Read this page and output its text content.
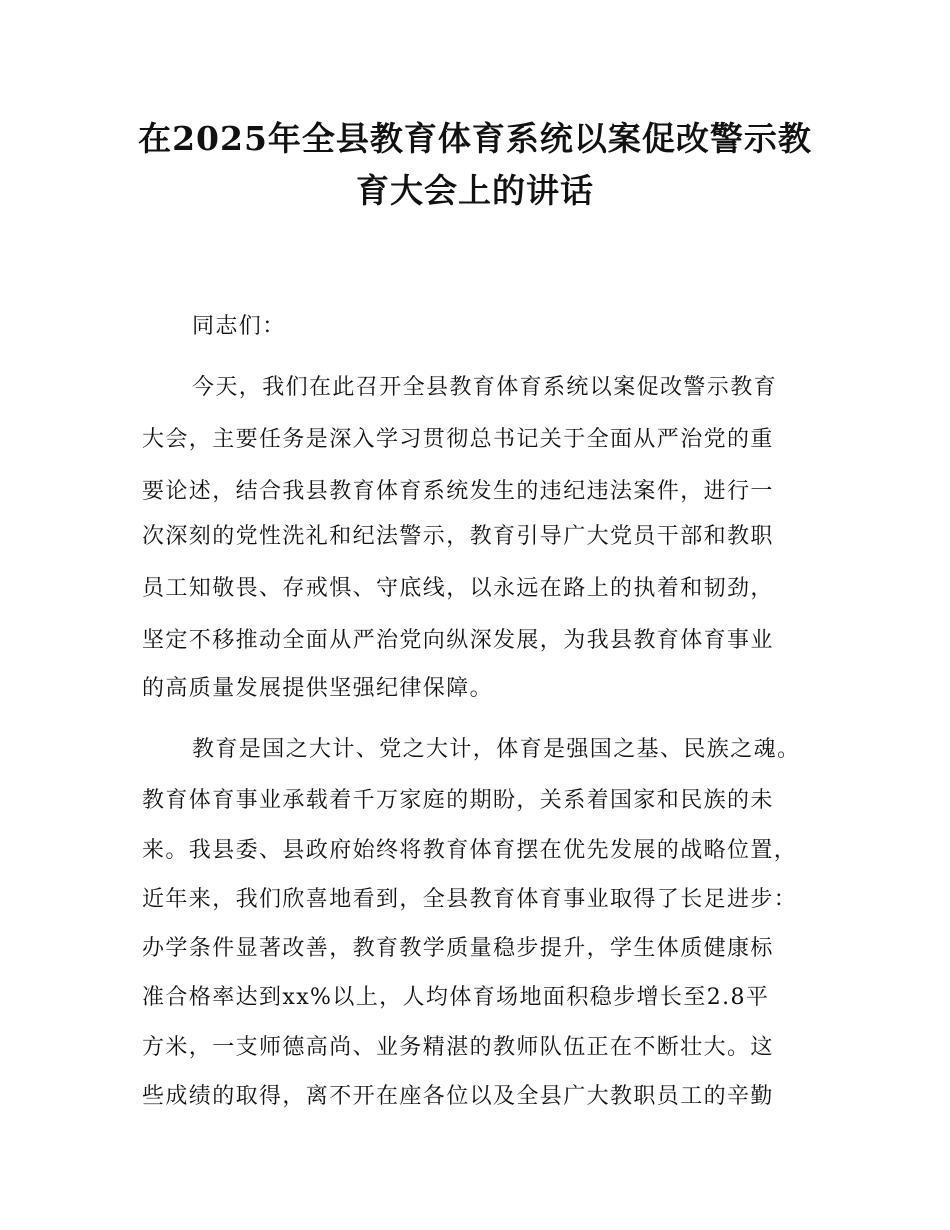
在2025年全县教育体育系统以案促改警示教
育大会上的讲话

同志们：

今天，我们在此召开全县教育体育系统以案促改警示教育

大会，主要任务是深入学习贯彻总书记关于全面从严治党的重

要论述，结合我县教育体育系统发生的违纪违法案件，进行一

次深刻的党性洗礼和纪法警示，教育引导广大党员干部和教职

员工知敬畏、存戒惧、守底线，以永远在路上的执着和韧劲，

坚定不移推动全面从严治党向纵深发展，为我县教育体育事业

的高质量发展提供坚强纪律保障。

教育是国之大计、党之大计，体育是强国之基、民族之魂。

教育体育事业承载着千万家庭的期盼，关系着国家和民族的未

来。我县委、县政府始终将教育体育摆在优先发展的战略位置，

近年来，我们欣喜地看到，全县教育体育事业取得了长足进步：

办学条件显著改善，教育教学质量稳步提升，学生体质健康标

准合格率达到xx%以上，人均体育场地面积稳步增长至2.8平

方米，一支师德高尚、业务精湛的教师队伍正在不断壮大。这

些成绩的取得，离不开在座各位以及全县广大教职员工的辛勤
